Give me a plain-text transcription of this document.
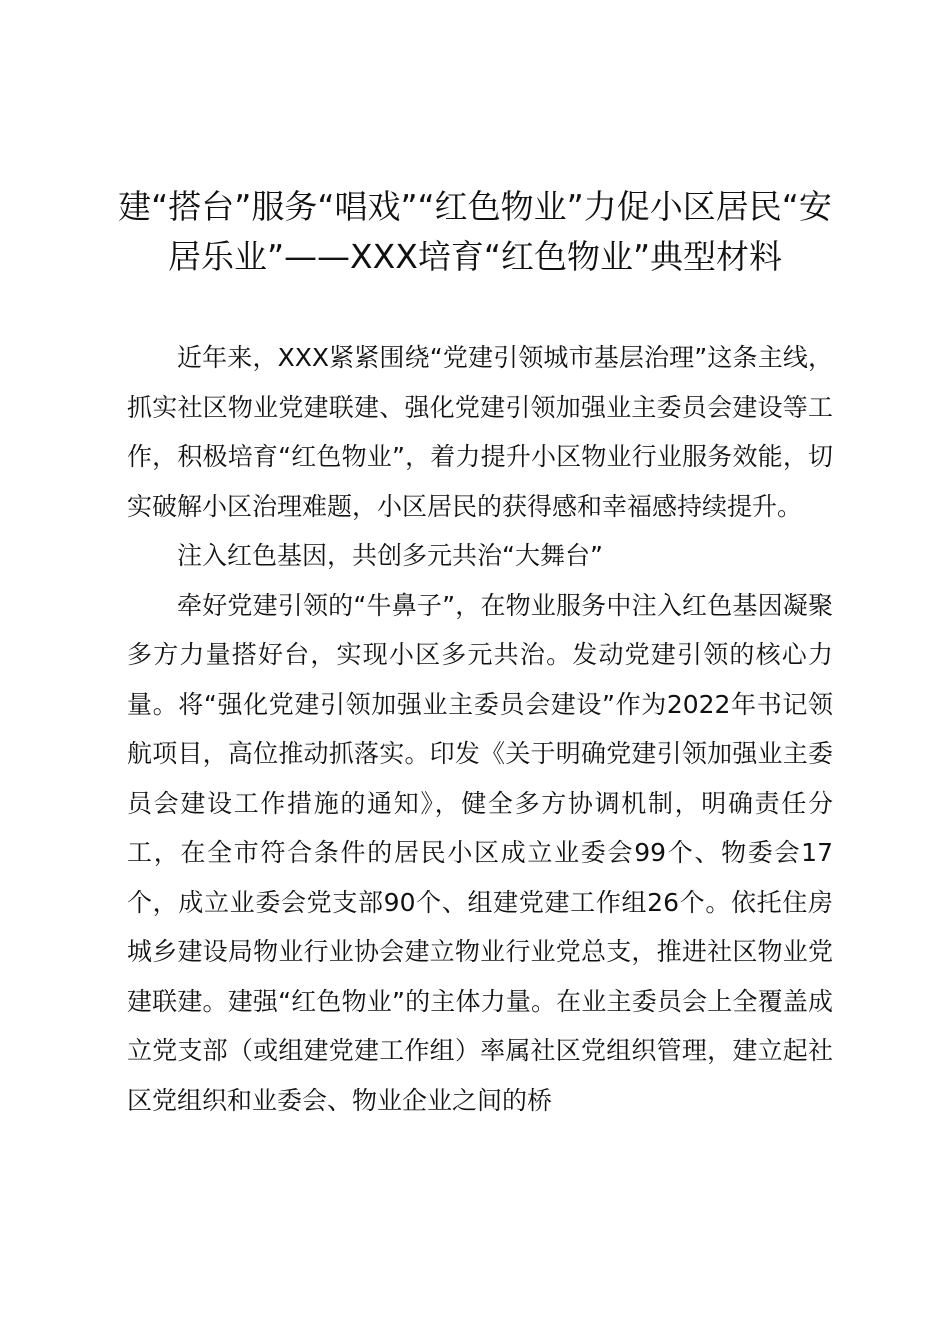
建“搭台”服务“唱戏”“红色物业”力促小区居民“安居乐业”——XXX培育“红色物业”典型材料

近年来，XXX紧紧围绕“党建引领城市基层治理”这条主线，抓实社区物业党建联建、强化党建引领加强业主委员会建设等工作，积极培育“红色物业”，着力提升小区物业行业服务效能，切实破解小区治理难题，小区居民的获得感和幸福感持续提升。

注入红色基因，共创多元共治“大舞台”

牵好党建引领的“牛鼻子”，在物业服务中注入红色基因凝聚多方力量搭好台，实现小区多元共治。发动党建引领的核心力量。将“强化党建引领加强业主委员会建设”作为2022年书记领航项目，高位推动抓落实。印发《关于明确党建引领加强业主委员会建设工作措施的通知》，健全多方协调机制，明确责任分工，在全市符合条件的居民小区成立业委会99个、物委会17个，成立业委会党支部90个、组建党建工作组26个。依托住房城乡建设局物业行业协会建立物业行业党总支，推进社区物业党建联建。建强“红色物业”的主体力量。在业主委员会上全覆盖成立党支部（或组建党建工作组）率属社区党组织管理，建立起社区党组织和业委会、物业企业之间的桥
